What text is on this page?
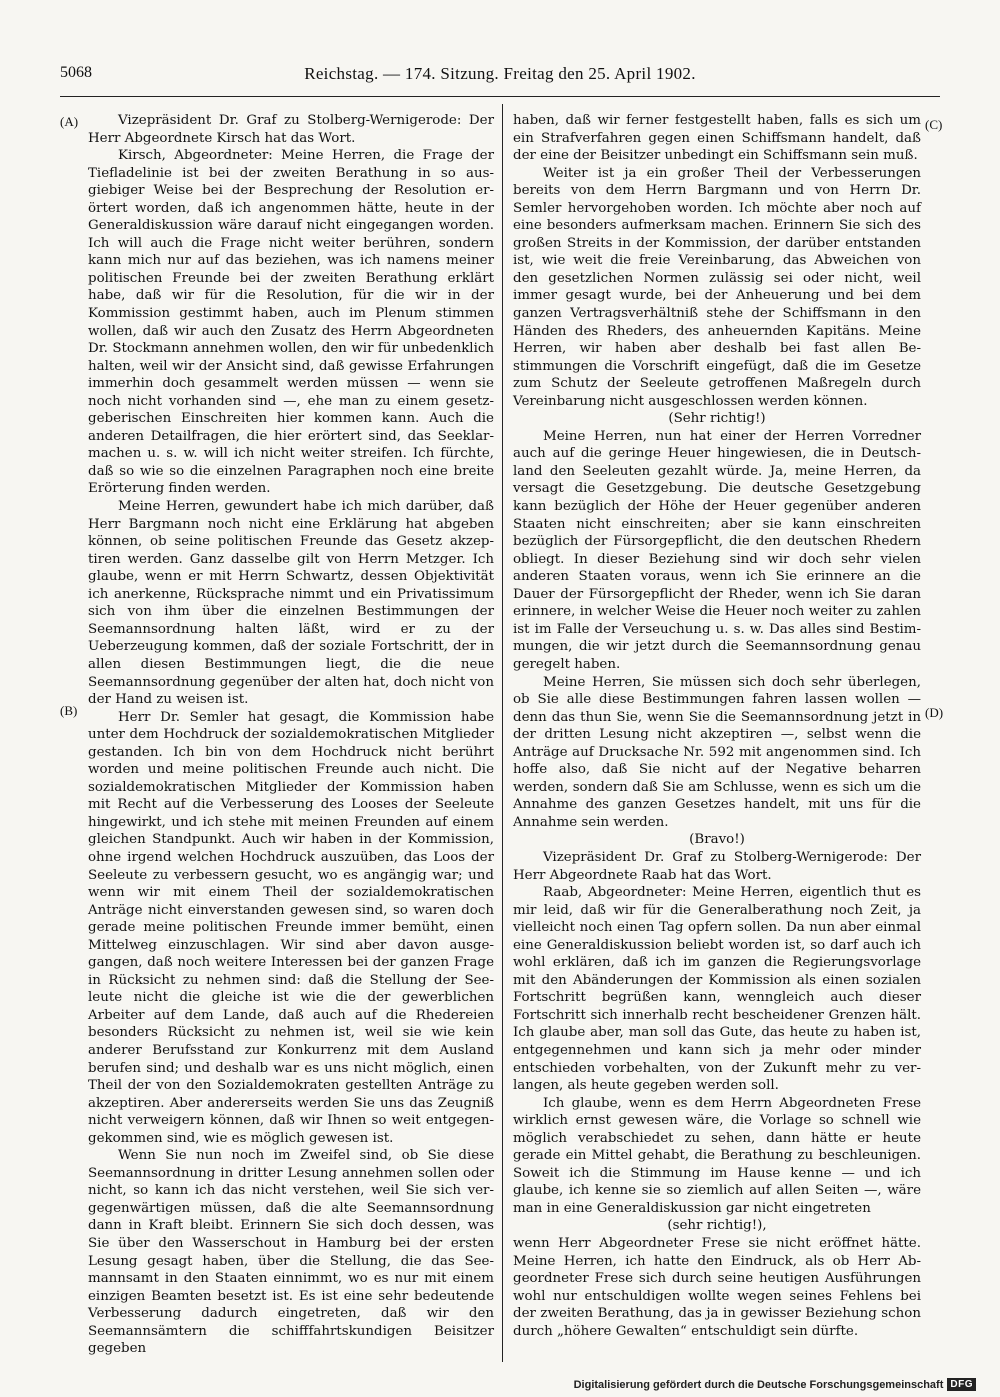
5068	Reichstag. — 174. Sitzung. Freitag den 25. April 1902.
(A)
(B)
(C)
(D)

Vizepräsident Dr. Graf zu Stolberg-Wernigerode: Der Herr Abgeordnete Kirsch hat das Wort.

Kirsch, Abgeordneter: Meine Herren, die Frage der Tiefladelinie ist bei der zweiten Berathung in so ausgiebiger Weise bei der Besprechung der Resolution erörtert worden, daß ich angenommen hätte, heute in der Generaldiskussion wäre darauf nicht eingegangen worden. Ich will auch die Frage nicht weiter berühren, sondern kann mich nur auf das beziehen, was ich namens meiner politischen Freunde bei der zweiten Berathung erklärt habe, daß wir für die Resolution, für die wir in der Kommission gestimmt haben, auch im Plenum stimmen wollen, daß wir auch den Zusatz des Herrn Abgeordneten Dr. Stockmann annehmen wollen, den wir für unbedenklich halten, weil wir der Ansicht sind, daß gewisse Erfahrungen immerhin doch gesammelt werden müssen — wenn sie noch nicht vorhanden sind —, ehe man zu einem gesetzgeberischen Einschreiten hier kommen kann. Auch die anderen Detailfragen, die hier erörtert sind, das Seeklarmachen u. s. w. will ich nicht weiter streifen. Ich fürchte, daß so wie so die einzelnen Paragraphen noch eine breite Erörterung finden werden.

Meine Herren, gewundert habe ich mich darüber, daß Herr Bargmann noch nicht eine Erklärung hat abgeben können, ob seine politischen Freunde das Gesetz akzeptiren werden. Ganz dasselbe gilt von Herrn Metzger. Ich glaube, wenn er mit Herrn Schwartz, dessen Objektivität ich anerkenne, Rücksprache nimmt und ein Privatissimum sich von ihm über die einzelnen Bestimmungen der Seemannsordnung halten läßt, wird er zu der Ueberzeugung kommen, daß der soziale Fortschritt, der in allen diesen Bestimmungen liegt, die die neue Seemannsordnung gegenüber der alten hat, doch nicht von der Hand zu weisen ist.

Herr Dr. Semler hat gesagt, die Kommission habe unter dem Hochdruck der sozialdemokratischen Mitglieder gestanden. Ich bin von dem Hochdruck nicht berührt worden und meine politischen Freunde auch nicht. Die sozialdemokratischen Mitglieder der Kommission haben mit Recht auf die Verbesserung des Looses der Seeleute hingewirkt, und ich stehe mit meinen Freunden auf einem gleichen Standpunkt. Auch wir haben in der Kommission, ohne irgend welchen Hochdruck auszuüben, das Loos der Seeleute zu verbessern gesucht, wo es angängig war; und wenn wir mit einem Theil der sozialdemokratischen Anträge nicht einverstanden gewesen sind, so waren doch gerade meine politischen Freunde immer bemüht, einen Mittelweg einzuschlagen. Wir sind aber davon ausgegangen, daß noch weitere Interessen bei der ganzen Frage in Rücksicht zu nehmen sind: daß die Stellung der Seeleute nicht die gleiche ist wie die der gewerblichen Arbeiter auf dem Lande, daß auch auf die Rhedereien besonders Rücksicht zu nehmen ist, weil sie wie kein anderer Berufsstand zur Konkurrenz mit dem Ausland berufen sind; und deshalb war es uns nicht möglich, einen Theil der von den Sozialdemokraten gestellten Anträge zu akzeptiren. Aber andererseits werden Sie uns das Zeugniß nicht verweigern können, daß wir Ihnen so weit entgegengekommen sind, wie es möglich gewesen ist.

Wenn Sie nun noch im Zweifel sind, ob Sie diese Seemannsordnung in dritter Lesung annehmen sollen oder nicht, so kann ich das nicht verstehen, weil Sie sich vergegenwärtigen müssen, daß die alte Seemannsordnung dann in Kraft bleibt. Erinnern Sie sich doch dessen, was Sie über den Wasserschout in Hamburg bei der ersten Lesung gesagt haben, über die Stellung, die das Seemannsamt in den Staaten einnimmt, wo es nur mit einem einzigen Beamten besetzt ist. Es ist eine sehr bedeutende Verbesserung dadurch eingetreten, daß wir den Seemannsämtern die schifffahrtskundigen Beisitzer gegeben

haben, daß wir ferner festgestellt haben, falls es sich um ein Strafverfahren gegen einen Schiffsmann handelt, daß der eine der Beisitzer unbedingt ein Schiffsmann sein muß.

Weiter ist ja ein großer Theil der Verbesserungen bereits von dem Herrn Bargmann und von Herrn Dr. Semler hervorgehoben worden. Ich möchte aber noch auf eine besonders aufmerksam machen. Erinnern Sie sich des großen Streits in der Kommission, der darüber entstanden ist, wie weit die freie Vereinbarung, das Abweichen von den gesetzlichen Normen zulässig sei oder nicht, weil immer gesagt wurde, bei der Anheuerung und bei dem ganzen Vertragsverhältniß stehe der Schiffsmann in den Händen des Rheders, des anheuernden Kapitäns. Meine Herren, wir haben aber deshalb bei fast allen Bestimmungen die Vorschrift eingefügt, daß die im Gesetze zum Schutz der Seeleute getroffenen Maßregeln durch Vereinbarung nicht ausgeschlossen werden können.

(Sehr richtig!)

Meine Herren, nun hat einer der Herren Vorredner auch auf die geringe Heuer hingewiesen, die in Deutschland den Seeleuten gezahlt würde. Ja, meine Herren, da versagt die Gesetzgebung. Die deutsche Gesetzgebung kann bezüglich der Höhe der Heuer gegenüber anderen Staaten nicht einschreiten; aber sie kann einschreiten bezüglich der Fürsorgepflicht, die den deutschen Rhedern obliegt. In dieser Beziehung sind wir doch sehr vielen anderen Staaten voraus, wenn ich Sie erinnere an die Dauer der Fürsorgepflicht der Rheder, wenn ich Sie daran erinnere, in welcher Weise die Heuer noch weiter zu zahlen ist im Falle der Verseuchung u. s. w. Das alles sind Bestimmungen, die wir jetzt durch die Seemannsordnung genau geregelt haben.

Meine Herren, Sie müssen sich doch sehr überlegen, ob Sie alle diese Bestimmungen fahren lassen wollen — denn das thun Sie, wenn Sie die Seemannsordnung jetzt in der dritten Lesung nicht akzeptiren —, selbst wenn die Anträge auf Drucksache Nr. 592 mit angenommen sind. Ich hoffe also, daß Sie nicht auf der Negative beharren werden, sondern daß Sie am Schlusse, wenn es sich um die Annahme des ganzen Gesetzes handelt, mit uns für die Annahme sein werden.

(Bravo!)

Vizepräsident Dr. Graf zu Stolberg-Wernigerode: Der Herr Abgeordnete Raab hat das Wort.

Raab, Abgeordneter: Meine Herren, eigentlich thut es mir leid, daß wir für die Generalberathung noch Zeit, ja vielleicht noch einen Tag opfern sollen. Da nun aber einmal eine Generaldiskussion beliebt worden ist, so darf auch ich wohl erklären, daß ich im ganzen die Regierungsvorlage mit den Abänderungen der Kommission als einen sozialen Fortschritt begrüßen kann, wenngleich auch dieser Fortschritt sich innerhalb recht bescheidener Grenzen hält. Ich glaube aber, man soll das Gute, das heute zu haben ist, entgegennehmen und kann sich ja mehr oder minder entschieden vorbehalten, von der Zukunft mehr zu verlangen, als heute gegeben werden soll.

Ich glaube, wenn es dem Herrn Abgeordneten Frese wirklich ernst gewesen wäre, die Vorlage so schnell wie möglich verabschiedet zu sehen, dann hätte er heute gerade ein Mittel gehabt, die Berathung zu beschleunigen. Soweit ich die Stimmung im Hause kenne — und ich glaube, ich kenne sie so ziemlich auf allen Seiten —, wäre man in eine Generaldiskussion gar nicht eingetreten

(sehr richtig!),

wenn Herr Abgeordneter Frese sie nicht eröffnet hätte. Meine Herren, ich hatte den Eindruck, als ob Herr Abgeordneter Frese sich durch seine heutigen Ausführungen wohl nur entschuldigen wollte wegen seines Fehlens bei der zweiten Berathung, das ja in gewisser Beziehung schon durch „höhere Gewalten“ entschuldigt sein dürfte.

Digitalisierung gefördert durch die Deutsche Forschungsgemeinschaft DFG
